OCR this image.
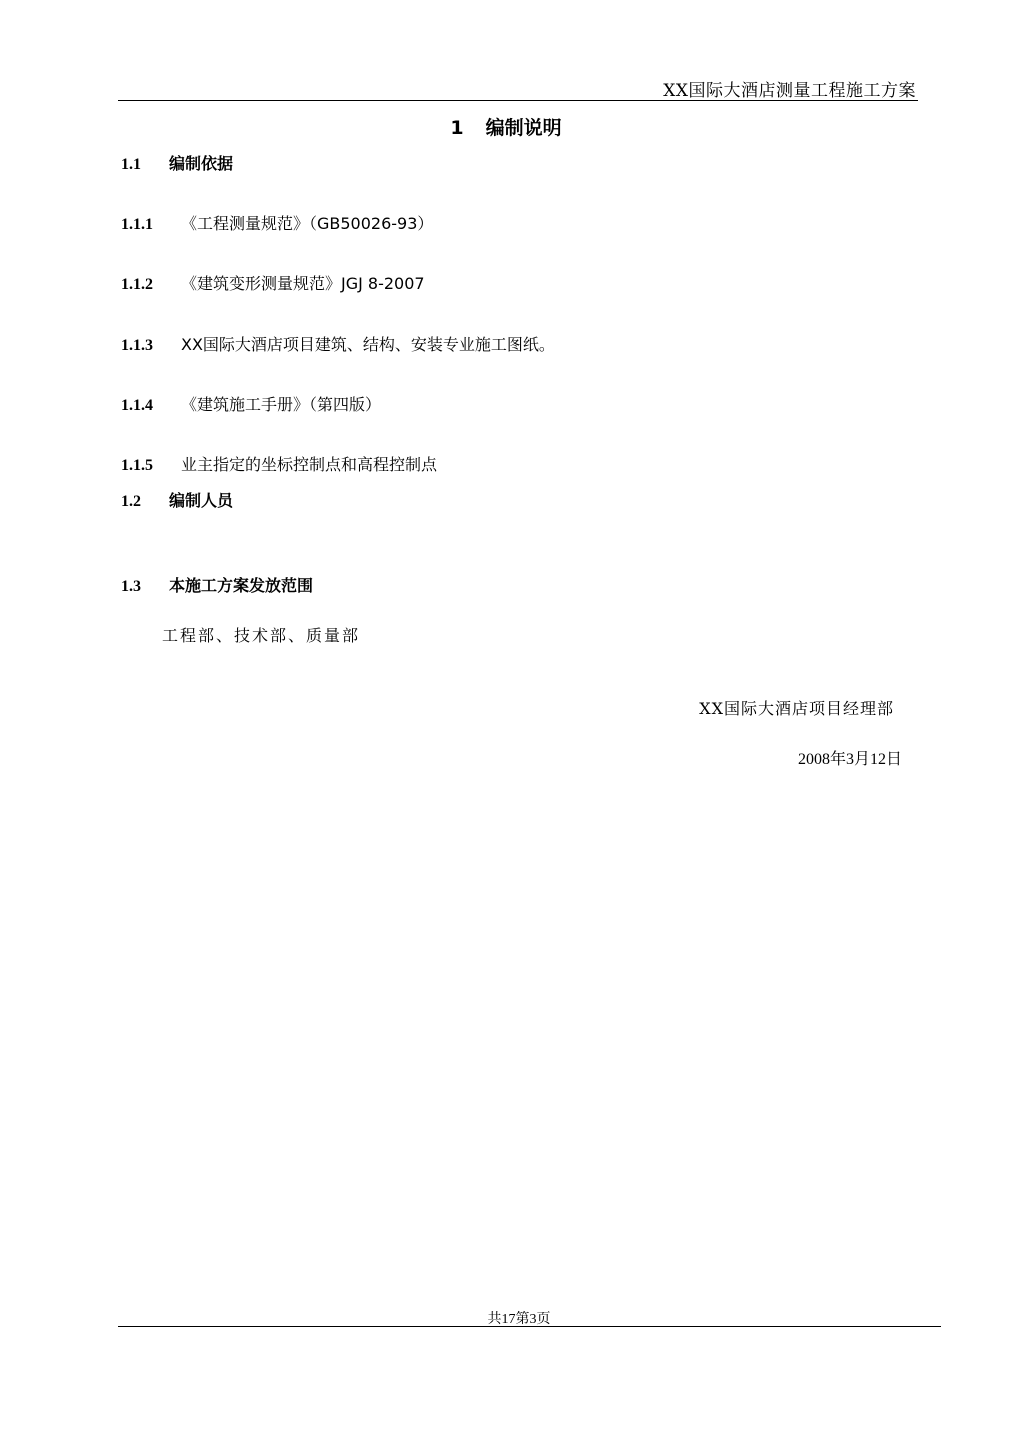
XX国际大酒店测量工程施工方案
1 编制说明
1.1 编制依据
1.1.1 《工程测量规范》（GB50026-93）
1.1.2 《建筑变形测量规范》JGJ 8-2007
1.1.3 XX国际大酒店项目建筑、结构、安装专业施工图纸。
1.1.4 《建筑施工手册》（第四版）
1.1.5 业主指定的坐标控制点和高程控制点
1.2 编制人员
1.3 本施工方案发放范围
工程部、技术部、质量部
XX国际大酒店项目经理部
2008年3月12日
共17第3页
